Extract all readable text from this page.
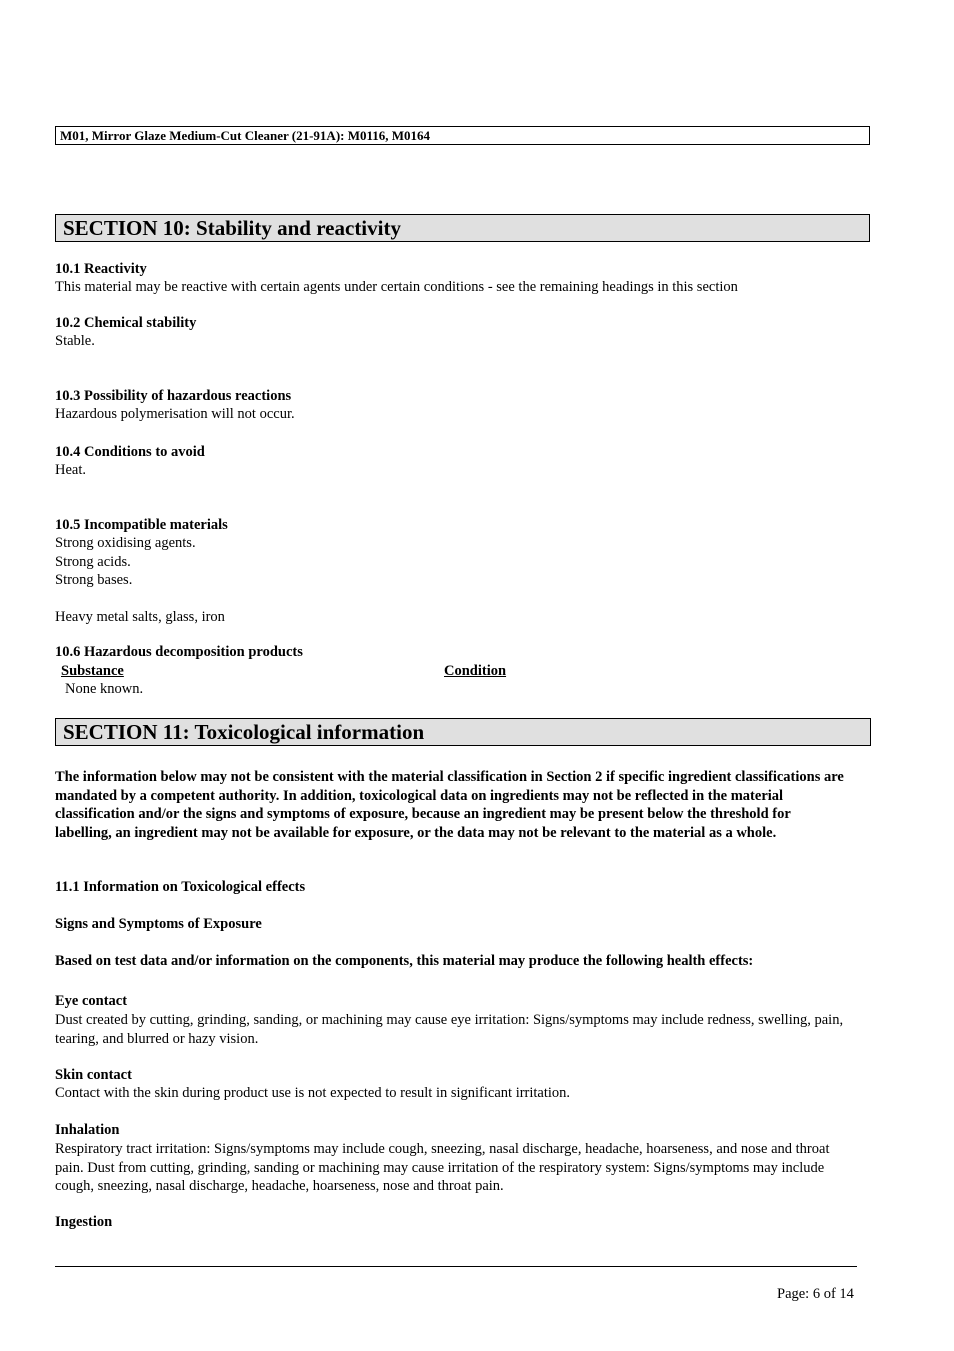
M01, Mirror Glaze Medium-Cut Cleaner (21-91A): M0116, M0164
SECTION 10: Stability and reactivity
10.1 Reactivity
This material may be reactive with certain agents under certain conditions - see the remaining headings in this section
10.2 Chemical stability
Stable.
10.3 Possibility of hazardous reactions
Hazardous polymerisation will not occur.
10.4 Conditions to avoid
Heat.
10.5 Incompatible materials
Strong oxidising agents.
Strong acids.
Strong bases.
Heavy metal salts, glass, iron
10.6 Hazardous decomposition products
Substance	Condition
None known.
SECTION 11: Toxicological information
The information below may not be consistent with the material classification in Section 2 if specific ingredient classifications are mandated by a competent authority. In addition, toxicological data on ingredients may not be reflected in the material classification and/or the signs and symptoms of exposure, because an ingredient may be present below the threshold for labelling, an ingredient may not be available for exposure, or the data may not be relevant to the material as a whole.
11.1 Information on Toxicological effects
Signs and Symptoms of Exposure
Based on test data and/or information on the components, this material may produce the following health effects:
Eye contact
Dust created by cutting, grinding, sanding, or machining may cause eye irritation: Signs/symptoms may include redness, swelling, pain, tearing, and blurred or hazy vision.
Skin contact
Contact with the skin during product use is not expected to result in significant irritation.
Inhalation
Respiratory tract irritation: Signs/symptoms may include cough, sneezing, nasal discharge, headache, hoarseness, and nose and throat pain. Dust from cutting, grinding, sanding or machining may cause irritation of the respiratory system: Signs/symptoms may include cough, sneezing, nasal discharge, headache, hoarseness, nose and throat pain.
Ingestion
Page: 6 of 14
